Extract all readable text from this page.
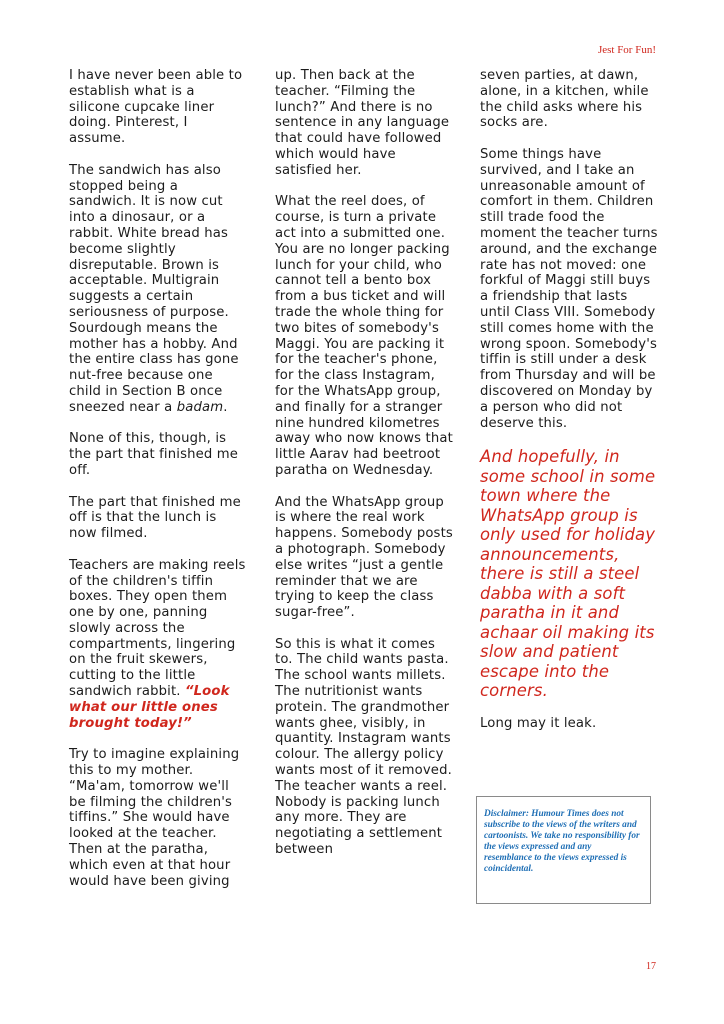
Jest For Fun!

I have never been able to establish what is a silicone cupcake liner doing. Pinterest, I assume.

The sandwich has also stopped being a sandwich. It is now cut into a dinosaur, or a rabbit. White bread has become slightly disreputable. Brown is acceptable. Multigrain suggests a certain seriousness of purpose. Sourdough means the mother has a hobby. And the entire class has gone nut-free because one child in Section B once sneezed near a badam.

None of this, though, is the part that finished me off.

The part that finished me off is that the lunch is now filmed.

Teachers are making reels of the children's tiffin boxes. They open them one by one, panning slowly across the compartments, lingering on the fruit skewers, cutting to the little sandwich rabbit. “Look what our little ones brought today!”

Try to imagine explaining this to my mother. “Ma'am, tomorrow we'll be filming the children's tiffins.” She would have looked at the teacher. Then at the paratha, which even at that hour would have been giving

up. Then back at the teacher. “Filming the lunch?” And there is no sentence in any language that could have followed which would have satisfied her.

What the reel does, of course, is turn a private act into a submitted one. You are no longer packing lunch for your child, who cannot tell a bento box from a bus ticket and will trade the whole thing for two bites of somebody's Maggi. You are packing it for the teacher's phone, for the class Instagram, for the WhatsApp group, and finally for a stranger nine hundred kilometres away who now knows that little Aarav had beetroot paratha on Wednesday.

And the WhatsApp group is where the real work happens. Somebody posts a photograph. Somebody else writes “just a gentle reminder that we are trying to keep the class sugar-free”.

So this is what it comes to. The child wants pasta. The school wants millets. The nutritionist wants protein. The grandmother wants ghee, visibly, in quantity. Instagram wants colour. The allergy policy wants most of it removed. The teacher wants a reel. Nobody is packing lunch any more. They are negotiating a settlement between

seven parties, at dawn, alone, in a kitchen, while the child asks where his socks are.

Some things have survived, and I take an unreasonable amount of comfort in them. Children still trade food the moment the teacher turns around, and the exchange rate has not moved: one forkful of Maggi still buys a friendship that lasts until Class VIII. Somebody still comes home with the wrong spoon. Somebody's tiffin is still under a desk from Thursday and will be discovered on Monday by a person who did not deserve this.

And hopefully, in some school in some town where the WhatsApp group is only used for holiday announcements, there is still a steel dabba with a soft paratha in it and achaar oil making its slow and patient escape into the corners.

Long may it leak.

Disclaimer: Humour Times does not subscribe to the views of the writers and cartoonists. We take no responsibility for the views expressed and any resemblance to the views expressed is coincidental.
17
